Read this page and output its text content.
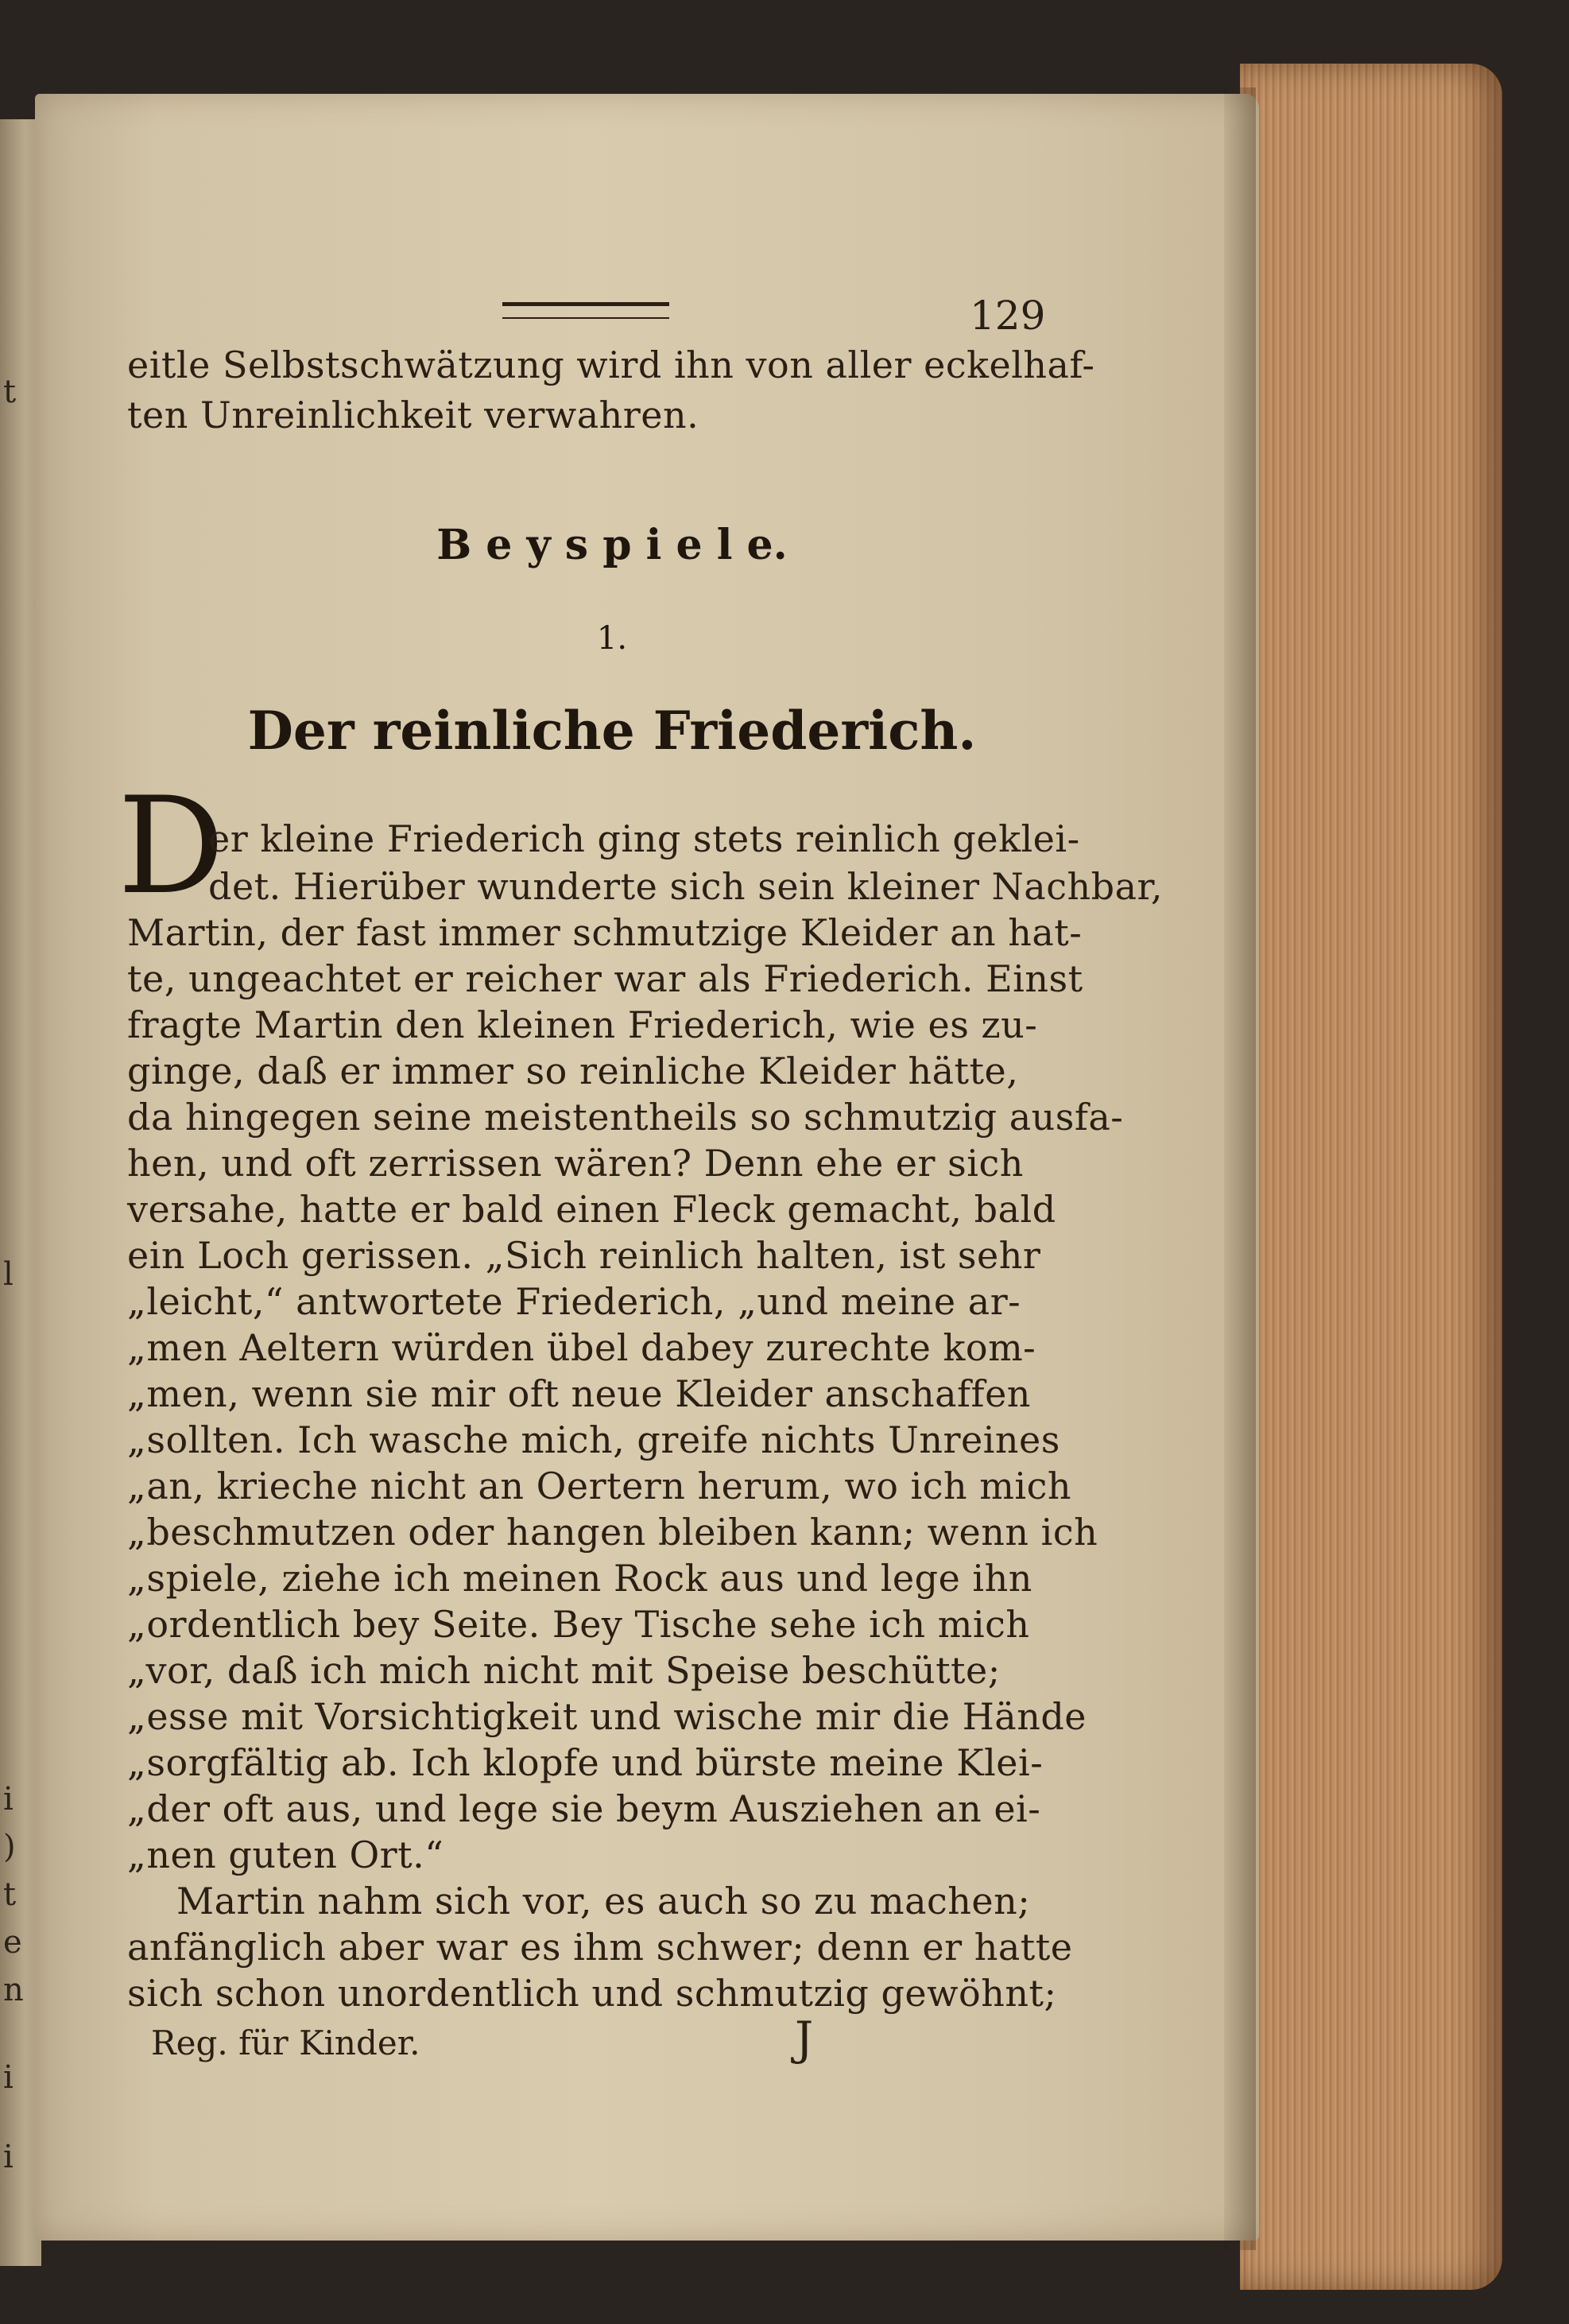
t
l
i
)
t
e
n
i
i
129
eitle Selbstschwätzung wird ihn von aller eckelhaf-
ten Unreinlichkeit verwahren.
B e y s p i e l e.
1.
Der reinliche Friederich.
D
er kleine Friederich ging stets reinlich geklei-
det. Hierüber wunderte sich sein kleiner Nachbar,
Martin, der fast immer schmutzige Kleider an hat-
te, ungeachtet er reicher war als Friederich. Einst
fragte Martin den kleinen Friederich, wie es zu-
ginge, daß er immer so reinliche Kleider hätte,
da hingegen seine meistentheils so schmutzig ausfa-
hen, und oft zerrissen wären? Denn ehe er sich
versahe, hatte er bald einen Fleck gemacht, bald
ein Loch gerissen. „Sich reinlich halten, ist sehr
„leicht,“ antwortete Friederich, „und meine ar-
„men Aeltern würden übel dabey zurechte kom-
„men, wenn sie mir oft neue Kleider anschaffen
„sollten. Ich wasche mich, greife nichts Unreines
„an, krieche nicht an Oertern herum, wo ich mich
„beschmutzen oder hangen bleiben kann; wenn ich
„spiele, ziehe ich meinen Rock aus und lege ihn
„ordentlich bey Seite. Bey Tische sehe ich mich
„vor, daß ich mich nicht mit Speise beschütte;
„esse mit Vorsichtigkeit und wische mir die Hände
„sorgfältig ab. Ich klopfe und bürste meine Klei-
„der oft aus, und lege sie beym Ausziehen an ei-
„nen guten Ort.“
Martin nahm sich vor, es auch so zu machen;
anfänglich aber war es ihm schwer; denn er hatte
sich schon unordentlich und schmutzig gewöhnt;
Reg. für Kinder.	J
